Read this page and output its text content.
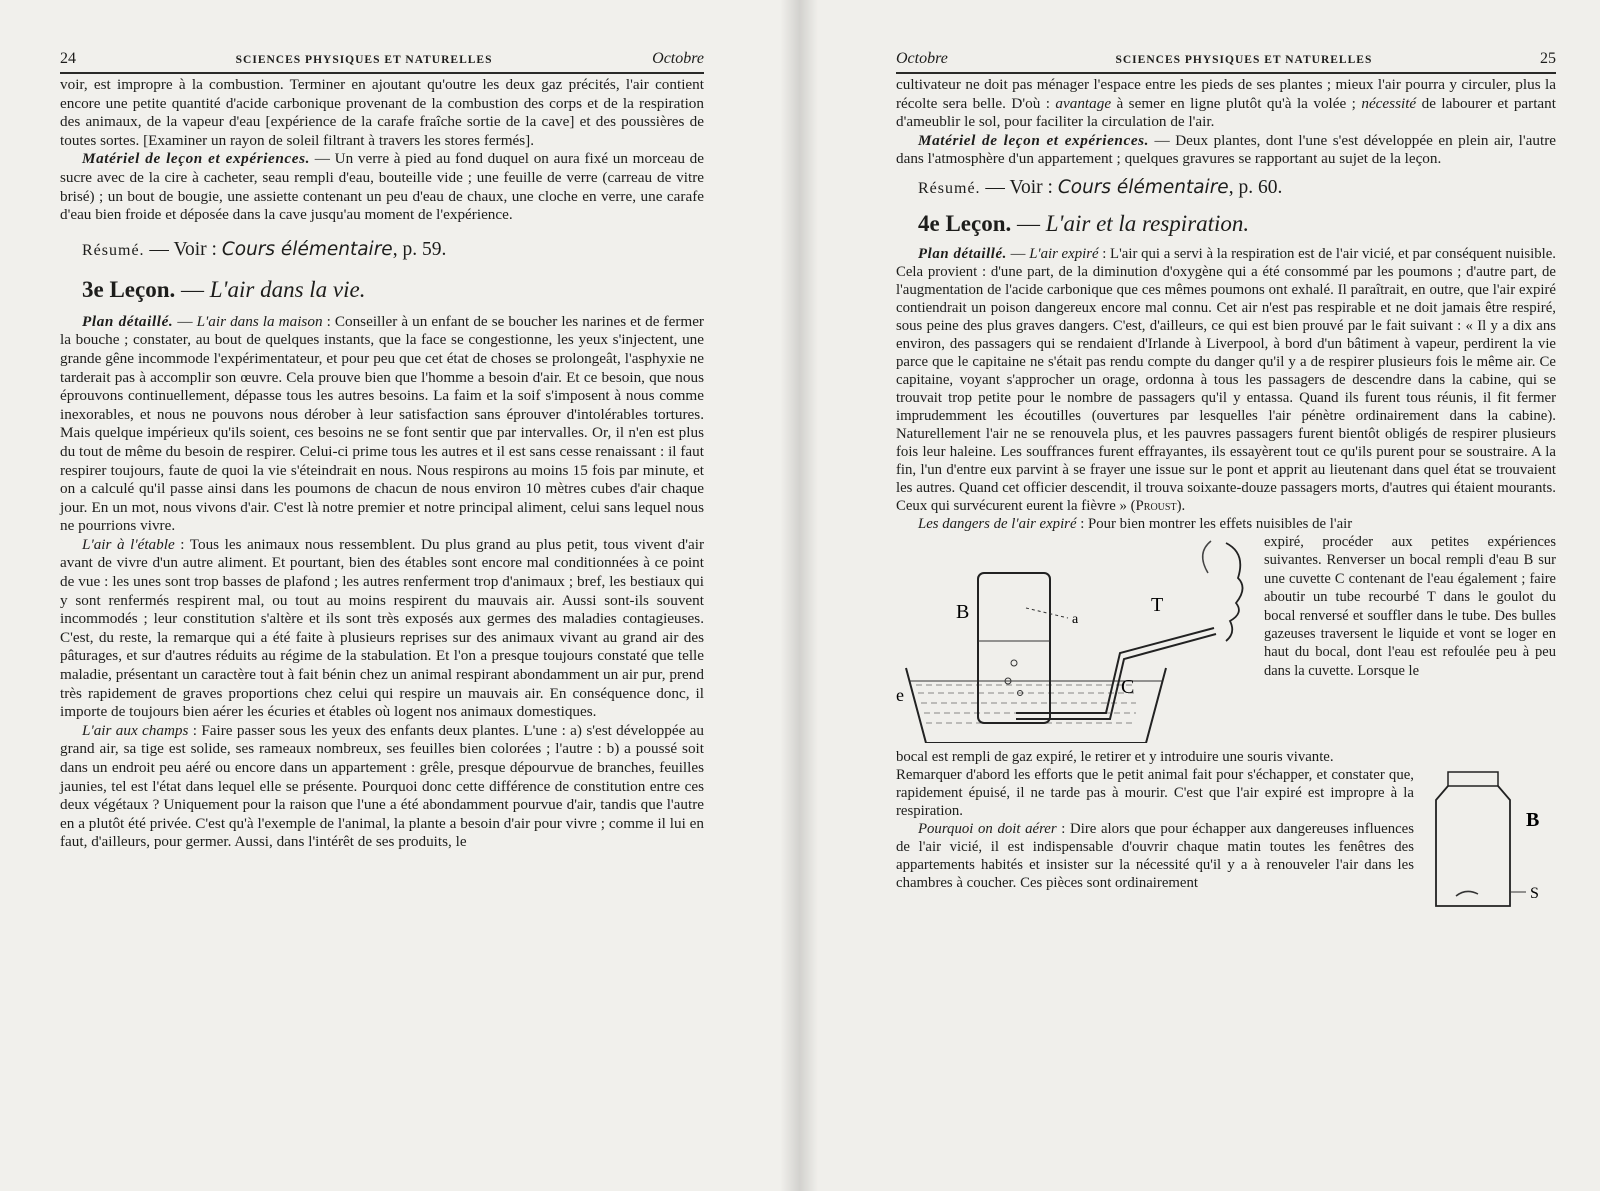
24	SCIENCES PHYSIQUES ET NATURELLES	Octobre

voir, est impropre à la combustion. Terminer en ajoutant qu'outre les deux gaz précités, l'air contient encore une petite quantité d'acide carbonique provenant de la combustion des corps et de la respiration des animaux, de la vapeur d'eau [expérience de la carafe fraîche sortie de la cave] et des poussières de toutes sortes. [Examiner un rayon de soleil filtrant à travers les stores fermés].

Matériel de leçon et expériences. — Un verre à pied au fond duquel on aura fixé un morceau de sucre avec de la cire à cacheter, seau rempli d'eau, bouteille vide ; une feuille de verre (carreau de vitre brisé) ; un bout de bougie, une assiette contenant un peu d'eau de chaux, une cloche en verre, une carafe d'eau bien froide et déposée dans la cave jusqu'au moment de l'expérience.

Résumé. — Voir : Cours élémentaire, p. 59.
3e Leçon. — L'air dans la vie.

Plan détaillé. — L'air dans la maison : Conseiller à un enfant de se boucher les narines et de fermer la bouche ; constater, au bout de quelques instants, que la face se congestionne, les yeux s'injectent, une grande gêne incommode l'expérimentateur, et pour peu que cet état de choses se prolongeât, l'asphyxie ne tarderait pas à accomplir son œuvre. Cela prouve bien que l'homme a besoin d'air. Et ce besoin, que nous éprouvons continuellement, dépasse tous les autres besoins. La faim et la soif s'imposent à nous comme inexorables, et nous ne pouvons nous dérober à leur satisfaction sans éprouver d'intolérables tortures. Mais quelque impérieux qu'ils soient, ces besoins ne se font sentir que par intervalles. Or, il n'en est plus du tout de même du besoin de respirer. Celui-ci prime tous les autres et il est sans cesse renaissant : il faut respirer toujours, faute de quoi la vie s'éteindrait en nous. Nous respirons au moins 15 fois par minute, et on a calculé qu'il passe ainsi dans les poumons de chacun de nous environ 10 mètres cubes d'air chaque jour. En un mot, nous vivons d'air. C'est là notre premier et notre principal aliment, celui sans lequel nous ne pourrions vivre.

L'air à l'étable : Tous les animaux nous ressemblent. Du plus grand au plus petit, tous vivent d'air avant de vivre d'un autre aliment. Et pourtant, bien des étables sont encore mal conditionnées à ce point de vue : les unes sont trop basses de plafond ; les autres renferment trop d'animaux ; bref, les bestiaux qui y sont renfermés respirent mal, ou tout au moins respirent du mauvais air. Aussi sont-ils souvent incommodés ; leur constitution s'altère et ils sont très exposés aux germes des maladies contagieuses. C'est, du reste, la remarque qui a été faite à plusieurs reprises sur des animaux vivant au grand air des pâturages, et sur d'autres réduits au régime de la stabulation. Et l'on a presque toujours constaté que telle maladie, présentant un caractère tout à fait bénin chez un animal respirant abondamment un air pur, prend très rapidement de graves proportions chez celui qui respire un mauvais air. En conséquence donc, il importe de toujours bien aérer les écuries et étables où logent nos animaux domestiques.

L'air aux champs : Faire passer sous les yeux des enfants deux plantes. L'une : a) s'est développée au grand air, sa tige est solide, ses rameaux nombreux, ses feuilles bien colorées ; l'autre : b) a poussé soit dans un endroit peu aéré ou encore dans un appartement : grêle, presque dépourvue de branches, feuilles jaunies, tel est l'état dans lequel elle se présente. Pourquoi donc cette différence de constitution entre ces deux végétaux ? Uniquement pour la raison que l'une a été abondamment pourvue d'air, tandis que l'autre en a plutôt été privée. C'est qu'à l'exemple de l'animal, la plante a besoin d'air pour vivre ; comme il lui en faut, d'ailleurs, pour germer. Aussi, dans l'intérêt de ses produits, le

Octobre	SCIENCES PHYSIQUES ET NATURELLES	25

cultivateur ne doit pas ménager l'espace entre les pieds de ses plantes ; mieux l'air pourra y circuler, plus la récolte sera belle. D'où : avantage à semer en ligne plutôt qu'à la volée ; nécessité de labourer et partant d'ameublir le sol, pour faciliter la circulation de l'air.

Matériel de leçon et expériences. — Deux plantes, dont l'une s'est développée en plein air, l'autre dans l'atmosphère d'un appartement ; quelques gravures se rapportant au sujet de la leçon.

Résumé. — Voir : Cours élémentaire, p. 60.
4e Leçon. — L'air et la respiration.

Plan détaillé. — L'air expiré : L'air qui a servi à la respiration est de l'air vicié, et par conséquent nuisible. Cela provient : d'une part, de la diminution d'oxygène qui a été consommé par les poumons ; d'autre part, de l'augmentation de l'acide carbonique que ces mêmes poumons ont exhalé. Il paraîtrait, en outre, que l'air expiré contiendrait un poison dangereux encore mal connu. Cet air n'est pas respirable et ne doit jamais être respiré, sous peine des plus graves dangers. C'est, d'ailleurs, ce qui est bien prouvé par le fait suivant : « Il y a dix ans environ, des passagers qui se rendaient d'Irlande à Liverpool, à bord d'un bâtiment à vapeur, perdirent la vie parce que le capitaine ne s'était pas rendu compte du danger qu'il y a de respirer plusieurs fois le même air. Ce capitaine, voyant s'approcher un orage, ordonna à tous les passagers de descendre dans la cabine, qui se trouvait trop petite pour le nombre de passagers qu'il y entassa. Quand ils furent tous réunis, il fit fermer imprudemment les écoutilles (ouvertures par lesquelles l'air pénètre ordinairement dans la cabine). Naturellement l'air ne se renouvela plus, et les pauvres passagers furent bientôt obligés de respirer plusieurs fois leur haleine. Les souffrances furent effrayantes, ils essayèrent tout ce qu'ils purent pour se soustraire. A la fin, l'un d'entre eux parvint à se frayer une issue sur le pont et apprit au lieutenant dans quel état se trouvaient les autres. Quand cet officier descendit, il trouva soixante-douze passagers morts, d'autres qui étaient mourants. Ceux qui survécurent eurent la fièvre » (Proust).

Les dangers de l'air expiré : Pour bien montrer les effets nuisibles de l'air

B	T
C
e
a

expiré, procéder aux petites expériences suivantes. Renverser un bocal rempli d'eau B sur une cuvette C contenant de l'eau également ; faire aboutir un tube recourbé T dans le goulot du bocal renversé et souffler dans le tube. Des bulles gazeuses traversent le liquide et vont se loger en haut du bocal, dont l'eau est refoulée peu à peu dans la cuvette. Lorsque le

bocal est rempli de gaz expiré, le retirer et y introduire une souris vivante.

Remarquer d'abord les efforts que le petit animal fait pour s'échapper, et constater que, rapidement épuisé, il ne tarde pas à mourir. C'est que l'air expiré est impropre à la respiration.

Pourquoi on doit aérer : Dire alors que pour échapper aux dangereuses influences de l'air vicié, il est indispensable d'ouvrir chaque matin toutes les fenêtres des appartements habités et insister sur la nécessité qu'il y a à renouveler l'air dans les chambres à coucher. Ces pièces sont ordinairement

B
S
